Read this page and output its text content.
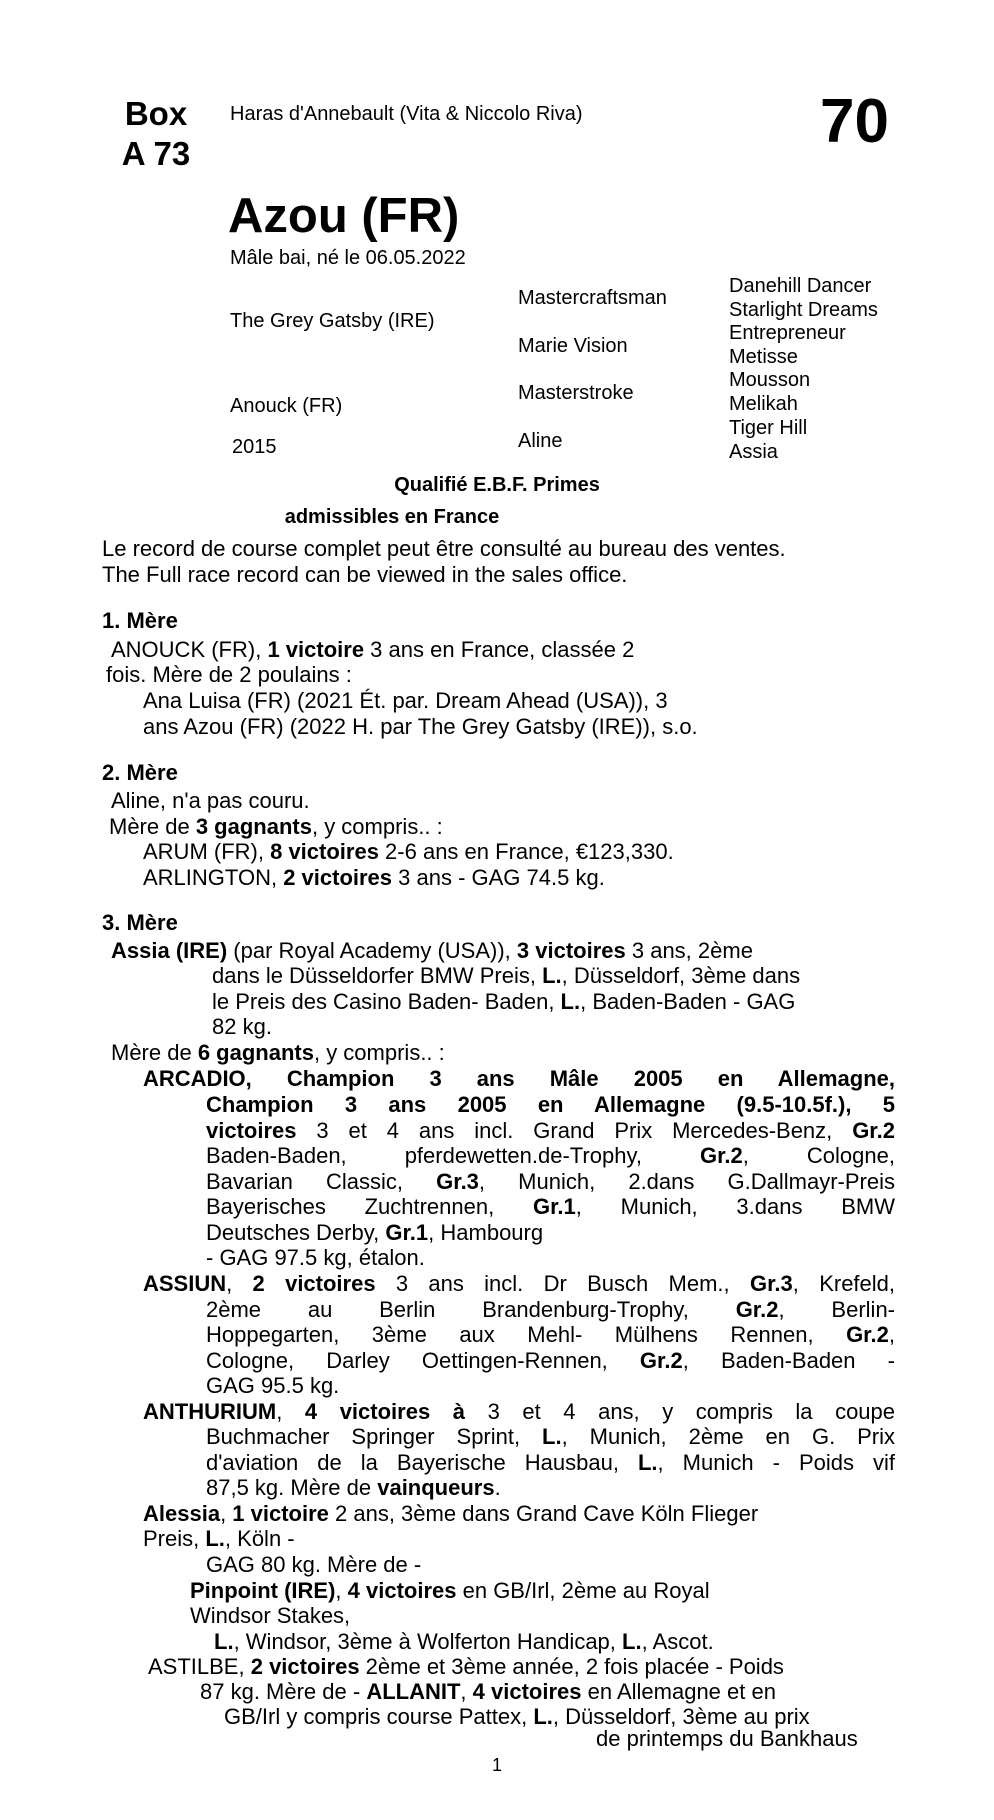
Box
A 73
Haras d'Annebault (Vita & Niccolo Riva)	70
Azou (FR)
Mâle bai, né le 06.05.2022
The Grey Gatsby (IRE)
Anouck (FR)
2015
Mastercraftsman
Marie Vision
Masterstroke
Aline
Danehill Dancer
Starlight Dreams
Entrepreneur
Metisse
Mousson
Melikah
Tiger Hill
Assia
Qualifié E.B.F. Primes
admissibles en France
Le record de course complet peut être consulté au bureau des ventes.
The Full race record can be viewed in the sales office.
1. Mère
ANOUCK (FR), 1 victoire 3 ans en France, classée 2
fois. Mère de 2 poulains :
Ana Luisa (FR) (2021 Ét. par. Dream Ahead (USA)), 3
ans Azou (FR) (2022 H. par The Grey Gatsby (IRE)), s.o.
2. Mère
Aline, n'a pas couru.
Mère de 3 gagnants, y compris.. :
ARUM (FR), 8 victoires 2-6 ans en France, €123,330.
ARLINGTON, 2 victoires 3 ans - GAG 74.5 kg.
3. Mère
Assia (IRE) (par Royal Academy (USA)), 3 victoires 3 ans, 2ème
dans le Düsseldorfer BMW Preis, L., Düsseldorf, 3ème dans
le Preis des Casino Baden- Baden, L., Baden-Baden - GAG
82 kg.
Mère de 6 gagnants, y compris.. :
ARCADIO, Champion 3 ans Mâle 2005 en Allemagne,
Champion 3 ans 2005 en Allemagne (9.5-10.5f.), 5
victoires 3 et 4 ans incl. Grand Prix Mercedes-Benz, Gr.2
Baden-Baden, pferdewetten.de-Trophy, Gr.2, Cologne,
Bavarian Classic, Gr.3, Munich, 2.dans G.Dallmayr-Preis
Bayerisches Zuchtrennen, Gr.1, Munich, 3.dans BMW
Deutsches Derby, Gr.1, Hambourg
- GAG 97.5 kg, étalon.
ASSIUN, 2 victoires 3 ans incl. Dr Busch Mem., Gr.3, Krefeld,
2ème au Berlin Brandenburg-Trophy, Gr.2, Berlin-
Hoppegarten, 3ème aux Mehl- Mülhens Rennen, Gr.2,
Cologne, Darley Oettingen-Rennen, Gr.2, Baden-Baden -
GAG 95.5 kg.
ANTHURIUM, 4 victoires à 3 et 4 ans, y compris la coupe
Buchmacher Springer Sprint, L., Munich, 2ème en G. Prix
d'aviation de la Bayerische Hausbau, L., Munich - Poids vif
87,5 kg. Mère de vainqueurs.
Alessia, 1 victoire 2 ans, 3ème dans Grand Cave Köln Flieger
Preis, L., Köln -
GAG 80 kg. Mère de -
Pinpoint (IRE), 4 victoires en GB/Irl, 2ème au Royal
Windsor Stakes,
L., Windsor, 3ème à Wolferton Handicap, L., Ascot.
ASTILBE, 2 victoires 2ème et 3ème année, 2 fois placée - Poids
87 kg. Mère de - ALLANIT, 4 victoires en Allemagne et en
GB/Irl y compris course Pattex, L., Düsseldorf, 3ème au prix
de printemps du Bankhaus
1
